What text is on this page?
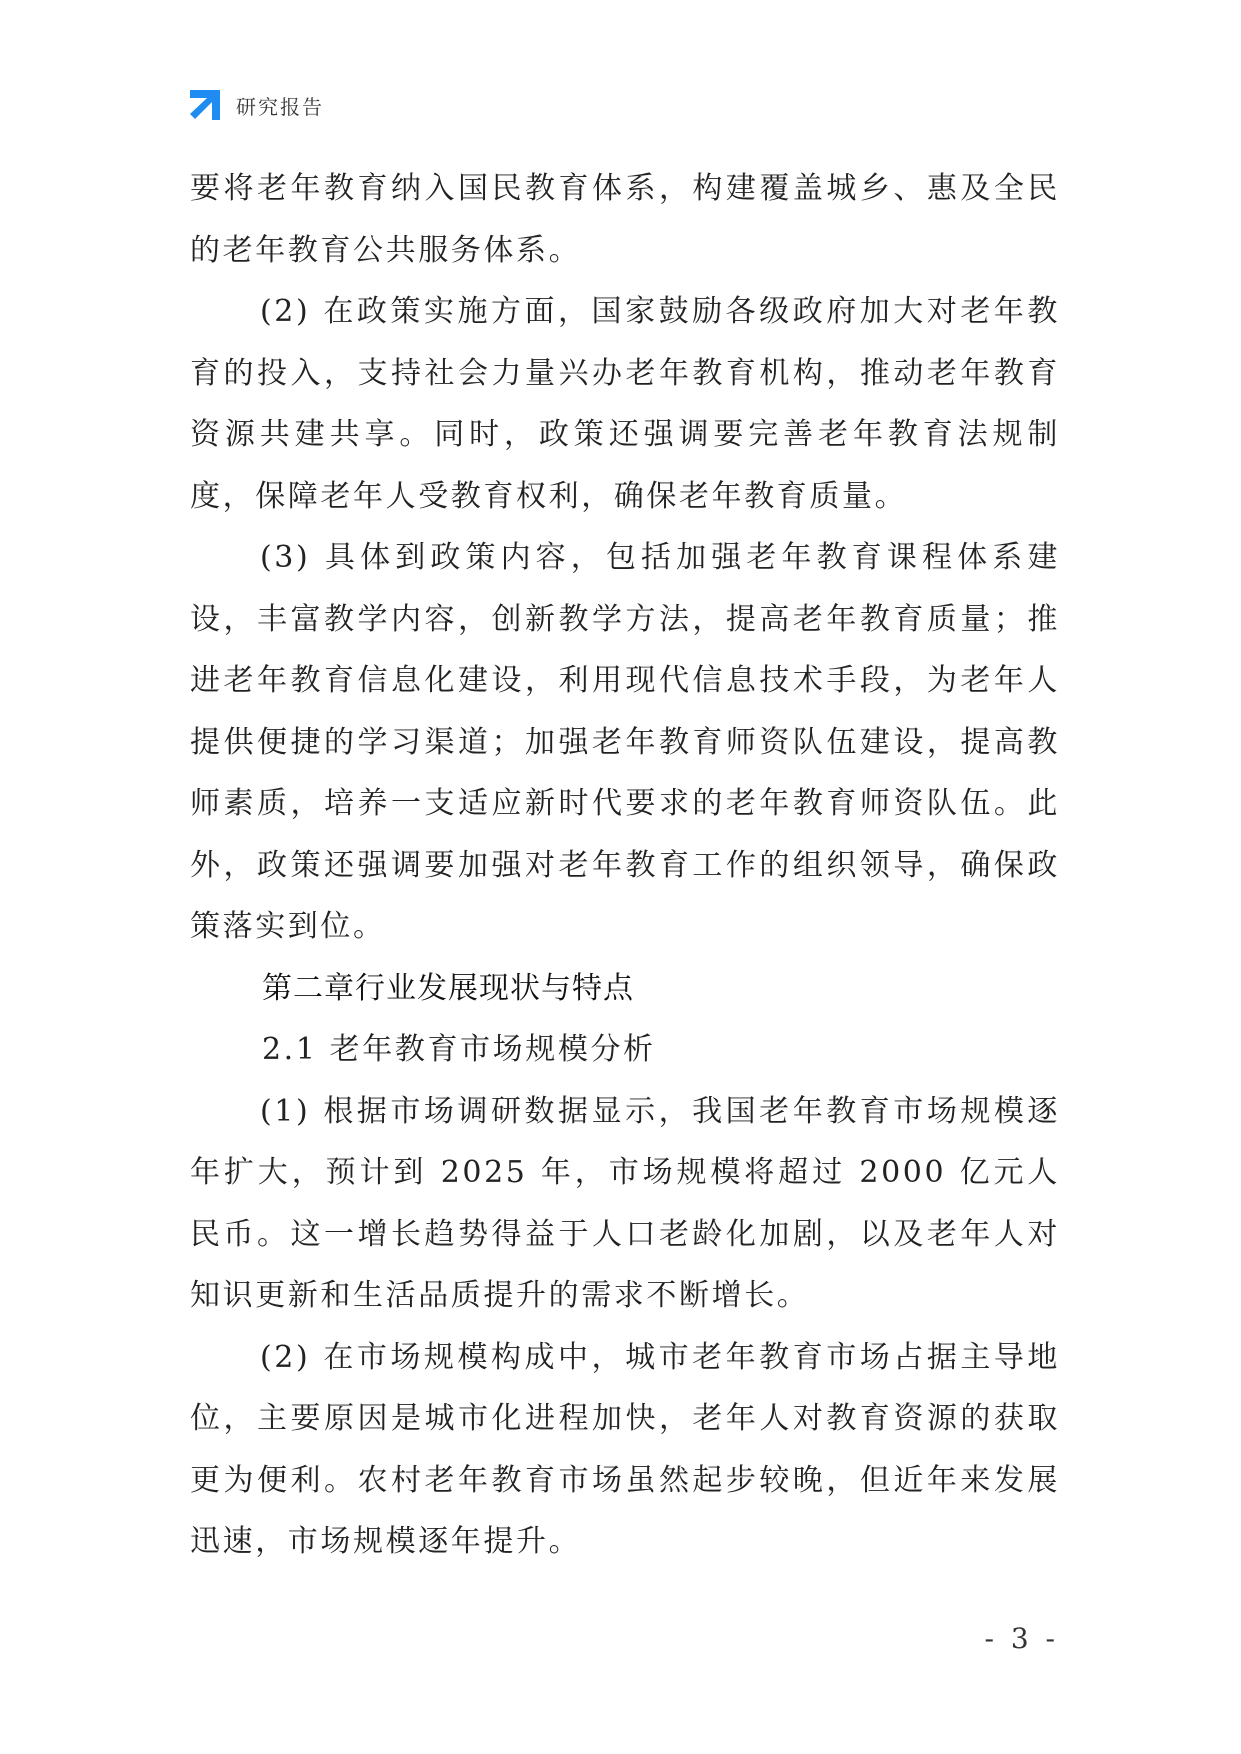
研究报告

要将老年教育纳入国民教育体系，构建覆盖城乡、惠及全民的老年教育公共服务体系。

(2) 在政策实施方面，国家鼓励各级政府加大对老年教育的投入，支持社会力量兴办老年教育机构，推动老年教育资源共建共享。同时，政策还强调要完善老年教育法规制度，保障老年人受教育权利，确保老年教育质量。

(3) 具体到政策内容，包括加强老年教育课程体系建设，丰富教学内容，创新教学方法，提高老年教育质量；推进老年教育信息化建设，利用现代信息技术手段，为老年人提供便捷的学习渠道；加强老年教育师资队伍建设，提高教师素质，培养一支适应新时代要求的老年教育师资队伍。此外，政策还强调要加强对老年教育工作的组织领导，确保政策落实到位。

第二章行业发展现状与特点

2.1 老年教育市场规模分析

(1) 根据市场调研数据显示，我国老年教育市场规模逐年扩大，预计到 2025 年，市场规模将超过 2000 亿元人民币。这一增长趋势得益于人口老龄化加剧，以及老年人对知识更新和生活品质提升的需求不断增长。

(2) 在市场规模构成中，城市老年教育市场占据主导地位，主要原因是城市化进程加快，老年人对教育资源的获取更为便利。农村老年教育市场虽然起步较晚，但近年来发展迅速，市场规模逐年提升。

- 3 -
